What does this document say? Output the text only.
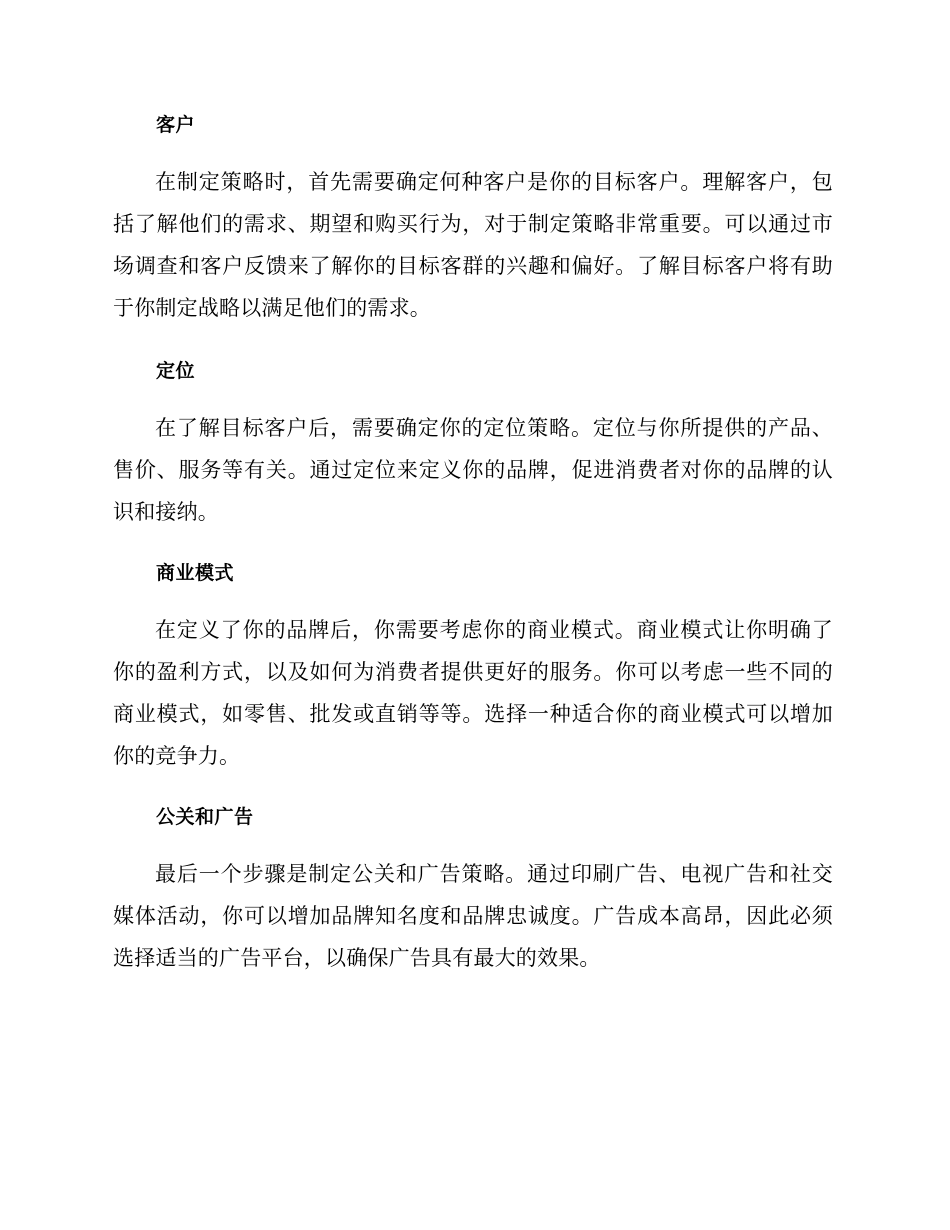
客户

在制定策略时，首先需要确定何种客户是你的目标客户。理解客户，包括了解他们的需求、期望和购买行为，对于制定策略非常重要。可以通过市场调查和客户反馈来了解你的目标客群的兴趣和偏好。了解目标客户将有助于你制定战略以满足他们的需求。

定位

在了解目标客户后，需要确定你的定位策略。定位与你所提供的产品、售价、服务等有关。通过定位来定义你的品牌，促进消费者对你的品牌的认识和接纳。

商业模式

在定义了你的品牌后，你需要考虑你的商业模式。商业模式让你明确了你的盈利方式，以及如何为消费者提供更好的服务。你可以考虑一些不同的商业模式，如零售、批发或直销等等。选择一种适合你的商业模式可以增加你的竞争力。

公关和广告

最后一个步骤是制定公关和广告策略。通过印刷广告、电视广告和社交媒体活动，你可以增加品牌知名度和品牌忠诚度。广告成本高昂，因此必须选择适当的广告平台，以确保广告具有最大的效果。
